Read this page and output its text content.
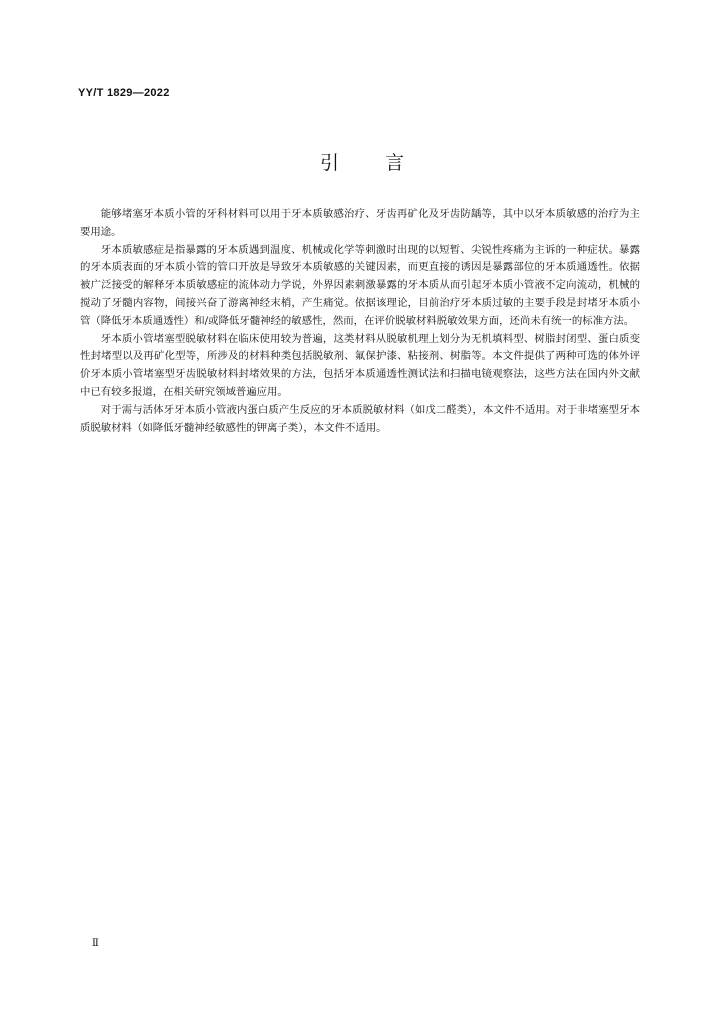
YY/T 1829—2022
引言

能够堵塞牙本质小管的牙科材料可以用于牙本质敏感治疗、牙齿再矿化及牙齿防龋等，其中以牙本质敏感的治疗为主要用途。

牙本质敏感症是指暴露的牙本质遇到温度、机械或化学等刺激时出现的以短暂、尖锐性疼痛为主诉的一种症状。暴露的牙本质表面的牙本质小管的管口开放是导致牙本质敏感的关键因素，而更直接的诱因是暴露部位的牙本质通透性。依据被广泛接受的解释牙本质敏感症的流体动力学说，外界因素刺激暴露的牙本质从而引起牙本质小管液不定向流动，机械的搅动了牙髓内容物，间接兴奋了游离神经末梢，产生痛觉。依据该理论，目前治疗牙本质过敏的主要手段是封堵牙本质小管（降低牙本质通透性）和/或降低牙髓神经的敏感性，然而，在评价脱敏材料脱敏效果方面，还尚未有统一的标准方法。

牙本质小管堵塞型脱敏材料在临床使用较为普遍，这类材料从脱敏机理上划分为无机填料型、树脂封闭型、蛋白质变性封堵型以及再矿化型等，所涉及的材料种类包括脱敏剂、氟保护漆、粘接剂、树脂等。本文件提供了两种可选的体外评价牙本质小管堵塞型牙齿脱敏材料封堵效果的方法，包括牙本质通透性测试法和扫描电镜观察法，这些方法在国内外文献中已有较多报道，在相关研究领域普遍应用。

对于需与活体牙牙本质小管液内蛋白质产生反应的牙本质脱敏材料（如戊二醛类），本文件不适用。对于非堵塞型牙本质脱敏材料（如降低牙髓神经敏感性的钾离子类），本文件不适用。

Ⅱ
